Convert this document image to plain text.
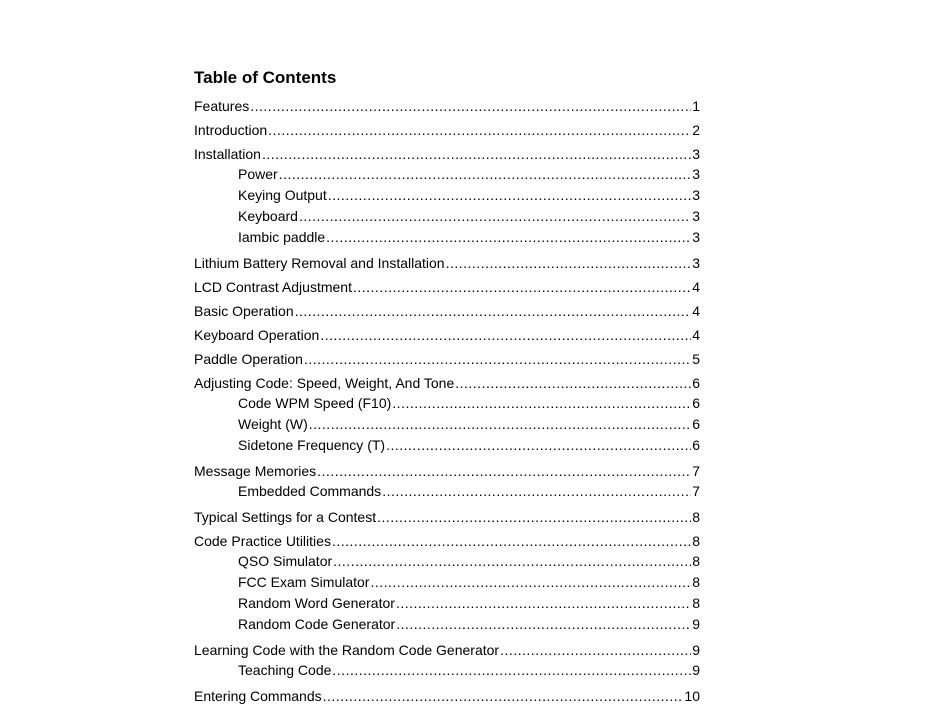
Table of Contents
Features .....	1
Introduction .....	2
Installation .....	3
Power .....	3
Keying Output .....	3
Keyboard .....	3
Iambic paddle .....	3
Lithium Battery Removal and Installation .....	3
LCD Contrast Adjustment .....	4
Basic Operation .....	4
Keyboard Operation .....	4
Paddle Operation .....	5
Adjusting Code: Speed, Weight, And Tone .....	6
Code WPM Speed (F10) .....	6
Weight (W) .....	6
Sidetone Frequency (T) .....	6
Message Memories .....	7
Embedded Commands .....	7
Typical Settings for a Contest .....	8
Code Practice Utilities .....	8
QSO Simulator .....	8
FCC Exam Simulator .....	8
Random Word Generator .....	8
Random Code Generator .....	9
Learning Code with the Random Code Generator .....	9
Teaching Code .....	9
Entering Commands .....	10
